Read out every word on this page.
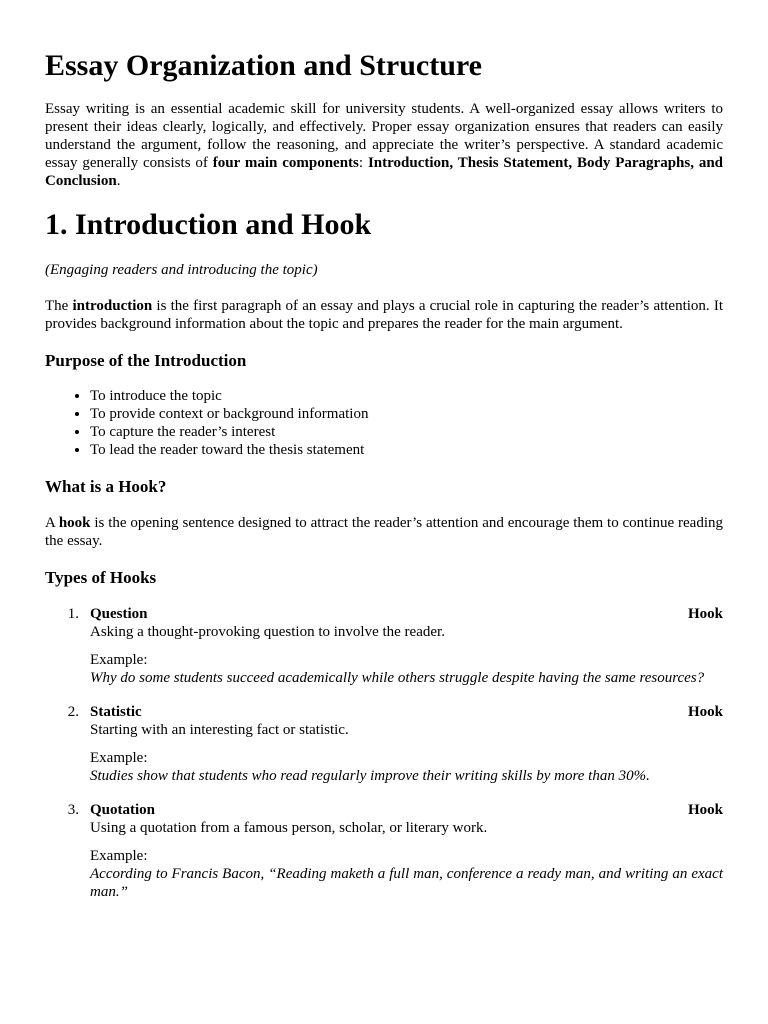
Essay Organization and Structure

Essay writing is an essential academic skill for university students. A well-organized essay allows writers to present their ideas clearly, logically, and effectively. Proper essay organization ensures that readers can easily understand the argument, follow the reasoning, and appreciate the writer’s perspective. A standard academic essay generally consists of four main components: Introduction, Thesis Statement, Body Paragraphs, and Conclusion.

1. Introduction and Hook

(Engaging readers and introducing the topic)

The introduction is the first paragraph of an essay and plays a crucial role in capturing the reader’s attention. It provides background information about the topic and prepares the reader for the main argument.

Purpose of the Introduction
• To introduce the topic
• To provide context or background information
• To capture the reader’s interest
• To lead the reader toward the thesis statement
What is a Hook?

A hook is the opening sentence designed to attract the reader’s attention and encourage them to continue reading the essay.

Types of Hooks
1. Question	Hook
Asking a thought-provoking question to involve the reader.
Example:
Why do some students succeed academically while others struggle despite having the same resources?
2. Statistic	Hook
Starting with an interesting fact or statistic.
Example:
Studies show that students who read regularly improve their writing skills by more than 30%.
3. Quotation	Hook
Using a quotation from a famous person, scholar, or literary work.
Example:
According to Francis Bacon, “Reading maketh a full man, conference a ready man, and writing an exact man.”
